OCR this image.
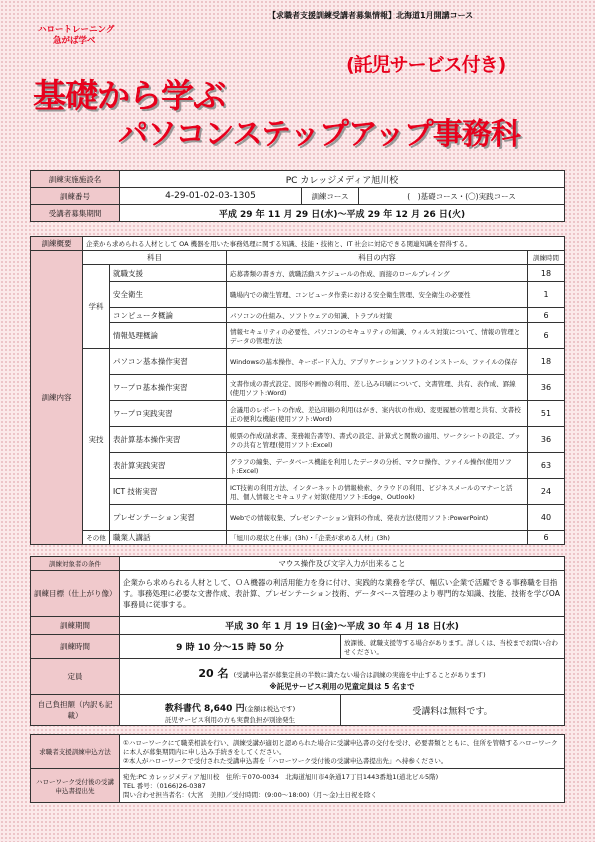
ハロートレーニング
急がば学べ
【求職者支援訓練受講者募集情報】北海道1月開講コース
(託児サービス付き)
基礎から学ぶ
パソコンステップアップ事務科
訓練実施施設名	PC カレッジメディア旭川校		
訓練番号	4-29-01-02-03-1305	訓練コース	(　)基礎コース・(〇)実践コース
受講者募集期間	平成 29 年 11 月 29 日(水)～平成 29 年 12 月 26 日(火)		
訓練概要	企業から求められる人材として OA 機器を用いた事務処理に関する知識、技能・技術と、IT 社会に対応できる関連知識を習得する。			
訓練内容	科目		科目の内容	訓練時間
	学科	就職支援	応募書類の書き方、就職活動スケジュールの作成、面接のロールプレイング	18
		安全衛生	職場内での衛生管理、コンピュータ作業における安全衛生管理、安全衛生の必要性	1
		コンピュータ概論	パソコンの仕組み、ソフトウェアの知識、トラブル対策	6
		情報処理概論	情報セキュリティの必要性、パソコンのセキュリティの知識、ウィルス対策について、情報の管理とデータの管理方法	6
	実技	パソコン基本操作実習	Windowsの基本操作、キーボード入力、アプリケーションソフトのインストール、ファイルの保存	18
		ワープロ基本操作実習	文書作成の書式設定、図形や画像の利用、差し込み印刷について、文書管理、共有、表作成、罫線(使用ソフト:Word)	36
		ワープロ実践実習	会議用のレポートの作成、差込印刷の利用(はがき、案内状の作成)、変更履歴の管理と共有、文書校正の便利な機能(使用ソフト:Word)	51
		表計算基本操作実習	帳票の作成(請求書、業務報告書等)、書式の設定、計算式と関数の適用、ワークシートの設定、ブックの共有と管理(使用ソフト:Excel)	36
		表計算実践実習	グラフの編集、データベース機能を利用したデータの分析、マクロ操作、ファイル操作(使用ソフト:Excel)	63
		ICT 技術実習	ICT技術の利用方法、インターネットの情報検索、クラウドの利用、ビジネスメールのマナーと活用、個人情報とセキュリティ対策(使用ソフト:Edge、Outlook)	24
		プレゼンテーション実習	Webでの情報収集、プレゼンテーション資料の作成、発表方法(使用ソフト:PowerPoint)	40
	その他	職業人講話	「旭川の現状と仕事」(3h)・「企業が求める人材」(3h)	6
訓練対象者の条件	マウス操作及び文字入力が出来ること	
訓練目標（仕上がり像）	企業から求められる人材として、ＯＡ機器の利活用能力を身に付け、実践的な業務を学び、幅広い企業で活躍できる事務職を目指す。事務処理に必要な文書作成、表計算、プレゼンテーション技術、データベース管理のより専門的な知識、技能、技術を学びOA事務員に従事する。	
訓練期間	平成 30 年 1 月 19 日(金)～平成 30 年 4 月 18 日(水)	
訓練時間	9 時 10 分～15 時 50 分	放課後、就職支援等する場合があります。詳しくは、当校までお問い合わせください。
定員	20 名 (受講申込者が募集定員の半数に満たない場合は訓練の実施を中止することがあります)
※託児サービス利用の児童定員は 5 名まで	

自己負担額（内訳も記載）	教科書代 8,640 円(金額は税込です)
託児サービス利用の方も実費負担が別途発生	受講料は無料です。
求職者支援訓練申込方法	①ハローワークにて職業相談を行い、訓練受講が適切と認められた場合に受講申込書の交付を受け、必要書類とともに、住所を管轄するハローワークに本人が募集期間内に申し込み手続きをしてください。
②本人がハローワークで受付された受講申込書を「ハローワーク受付後の受講申込書提出先」へ持参ください。

ハローワーク受付後の受講申込書提出先	宛先:PC カレッジメディア旭川校　住所:〒070-0034　北海道旭川市4条通17丁目1443番地1(道北ビル5階)
TEL 番号：（0166)26-0387
問い合わせ担当者名：(大宮　美則)／受付時間：(9:00～18:00)（月～金)土日祝を除く
